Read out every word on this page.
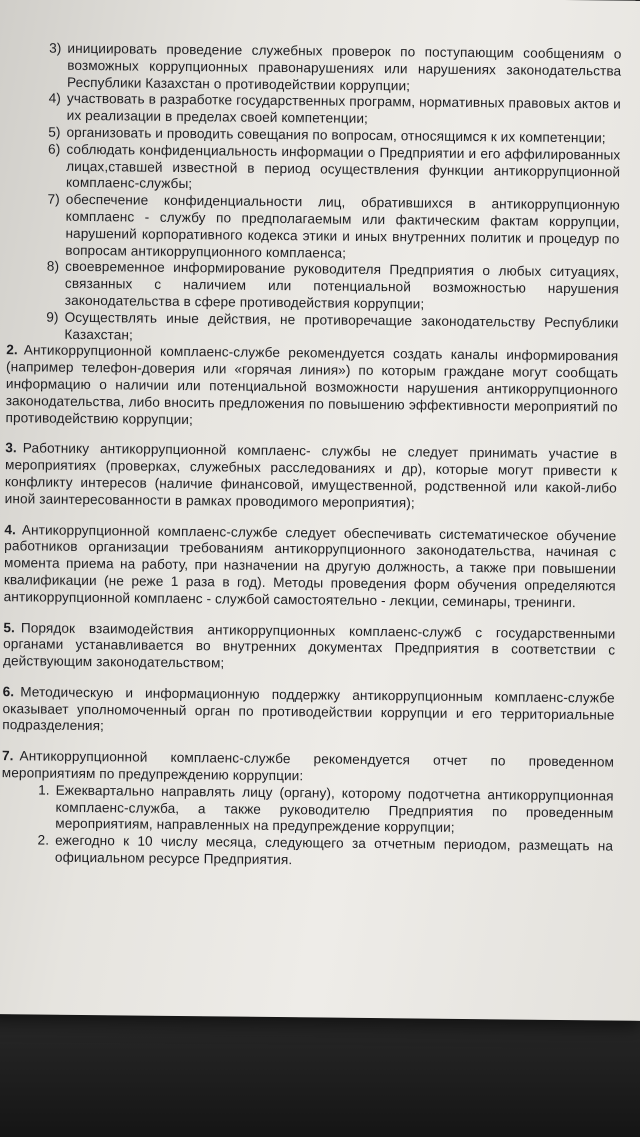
3) инициировать проведение служебных проверок по поступающим сообщениям о возможных коррупционных правонарушениях или нарушениях законодательства Республики Казахстан о противодействии коррупции;
4) участвовать в разработке государственных программ, нормативных правовых актов и их реализации в пределах своей компетенции;
5) организовать и проводить совещания по вопросам, относящимся к их компетенции;
6) соблюдать конфиденциальность информации о Предприятии и его аффилированных лицах,ставшей известной в период осуществления функции антикоррупционной комплаенс-службы;
7) обеспечение конфиденциальности лиц, обратившихся в антикоррупционную комплаенс - службу по предполагаемым или фактическим фактам коррупции, нарушений корпоративного кодекса этики и иных внутренних политик и процедур по вопросам антикоррупционного комплаенса;
8) своевременное информирование руководителя Предприятия о любых ситуациях, связанных с наличием или потенциальной возможностью нарушения законодательства в сфере противодействия коррупции;
9) Осуществлять иные действия, не противоречащие законодательству Республики Казахстан;

2. Антикоррупционной комплаенс-службе рекомендуется создать каналы информирования (например телефон-доверия или «горячая линия») по которым граждане могут сообщать информацию о наличии или потенциальной возможности нарушения антикоррупционного законодательства, либо вносить предложения по повышению эффективности мероприятий по противодействию коррупции;

3. Работнику антикоррупционной комплаенс- службы не следует принимать участие в мероприятиях (проверках, служебных расследованиях и др), которые могут привести к конфликту интересов (наличие финансовой, имущественной, родственной или какой-либо иной заинтересованности в рамках проводимого мероприятия);

4. Антикоррупционной комплаенс-службе следует обеспечивать систематическое обучение работников организации требованиям антикоррупционного законодательства, начиная с момента приема на работу, при назначении на другую должность, а также при повышении квалификации (не реже 1 раза в год). Методы проведения форм обучения определяются антикоррупционной комплаенс - службой самостоятельно - лекции, семинары, тренинги.

5. Порядок взаимодействия антикоррупционных комплаенс-служб с государственными органами устанавливается во внутренних документах Предприятия в соответствии с действующим законодательством;

6. Методическую и информационную поддержку антикоррупционным комплаенс-службе оказывает уполномоченный орган по противодействии коррупции и его территориальные подразделения;

7. Антикоррупционной комплаенс-службе рекомендуется отчет по проведенном мероприятиям по предупреждению коррупции:

1. Ежеквартально направлять лицу (органу), которому подотчетна антикоррупционная комплаенс-служба, а также руководителю Предприятия по проведенным мероприятиям, направленных на предупреждение коррупции;
2. ежегодно к 10 числу месяца, следующего за отчетным периодом, размещать на официальном ресурсе Предприятия.
